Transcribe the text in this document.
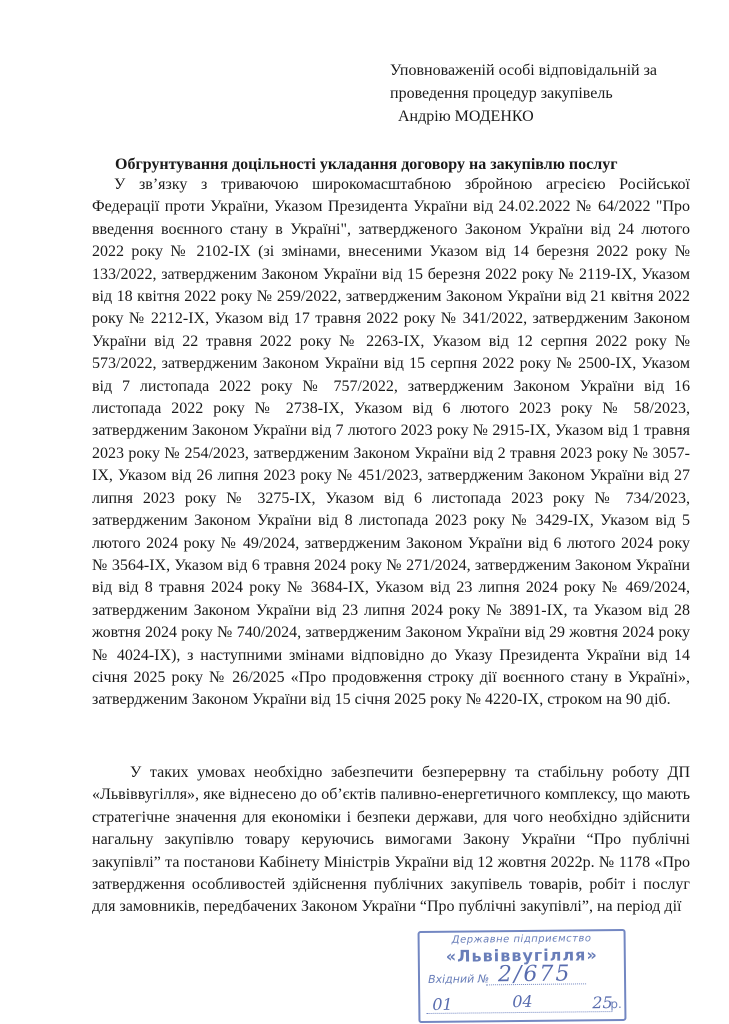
Уповноваженій особі відповідальній за
проведення процедур закупівель
Андрію МОДЕНКО
Обгрунтування доцільності укладання договору на закупівлю послуг
У зв’язку з триваючою широкомасштабною збройною агресією Російської Федерації проти України, Указом Президента України від 24.02.2022 № 64/2022 "Про введення воєнного стану в Україні", затвердженого Законом України від 24 лютого 2022 року № 2102-IX (зі змінами, внесеними Указом від 14 березня 2022 року № 133/2022, затвердженим Законом України від 15 березня 2022 року № 2119-IX, Указом від 18 квітня 2022 року № 259/2022, затвердженим Законом України від 21 квітня 2022 року № 2212-IX, Указом від 17 травня 2022 року № 341/2022, затвердженим Законом України від 22 травня 2022 року № 2263-IX, Указом від 12 серпня 2022 року № 573/2022, затвердженим Законом України від 15 серпня 2022 року № 2500-IX, Указом від 7 листопада 2022 року № 757/2022, затвердженим Законом України від 16 листопада 2022 року № 2738-IX, Указом від 6 лютого 2023 року № 58/2023, затвердженим Законом України від 7 лютого 2023 року № 2915-IX, Указом від 1 травня 2023 року № 254/2023, затвердженим Законом України від 2 травня 2023 року № 3057-IX, Указом від 26 липня 2023 року № 451/2023, затвердженим Законом України від 27 липня 2023 року № 3275-IX, Указом від 6 листопада 2023 року № 734/2023, затвердженим Законом України від 8 листопада 2023 року № 3429-IX, Указом від 5 лютого 2024 року № 49/2024, затвердженим Законом України від 6 лютого 2024 року № 3564-IX, Указом від 6 травня 2024 року № 271/2024, затвердженим Законом України від від 8 травня 2024 року № 3684-IX, Указом від 23 липня 2024 року № 469/2024, затвердженим Законом України від 23 липня 2024 року № 3891-IX, та Указом від 28 жовтня 2024 року № 740/2024, затвердженим Законом України від 29 жовтня 2024 року № 4024-IX), з наступними змінами відповідно до Указу Президента України від 14 січня 2025 року № 26/2025 «Про продовження строку дії воєнного стану в Україні», затвердженим Законом України від 15 січня 2025 року № 4220-IX, строком на 90 діб.
У таких умовах необхідно забезпечити безперервну та стабільну роботу ДП «Львіввугілля», яке віднесено до об’єктів паливно-енергетичного комплексу, що мають стратегічне значення для економіки і безпеки держави, для чого необхідно здійснити нагальну закупівлю товару керуючись вимогами Закону України “Про публічні закупівлі” та постанови Кабінету Міністрів України від 12 жовтня 2022р. № 1178 «Про затвердження особливостей здійснення публічних закупівель товарів, робіт і послуг для замовників, передбачених Законом України “Про публічні закупівлі”, на період дії
Державне підприємство
«Львіввугілля»
Вхідний № 2/675
01	04	25
р.
